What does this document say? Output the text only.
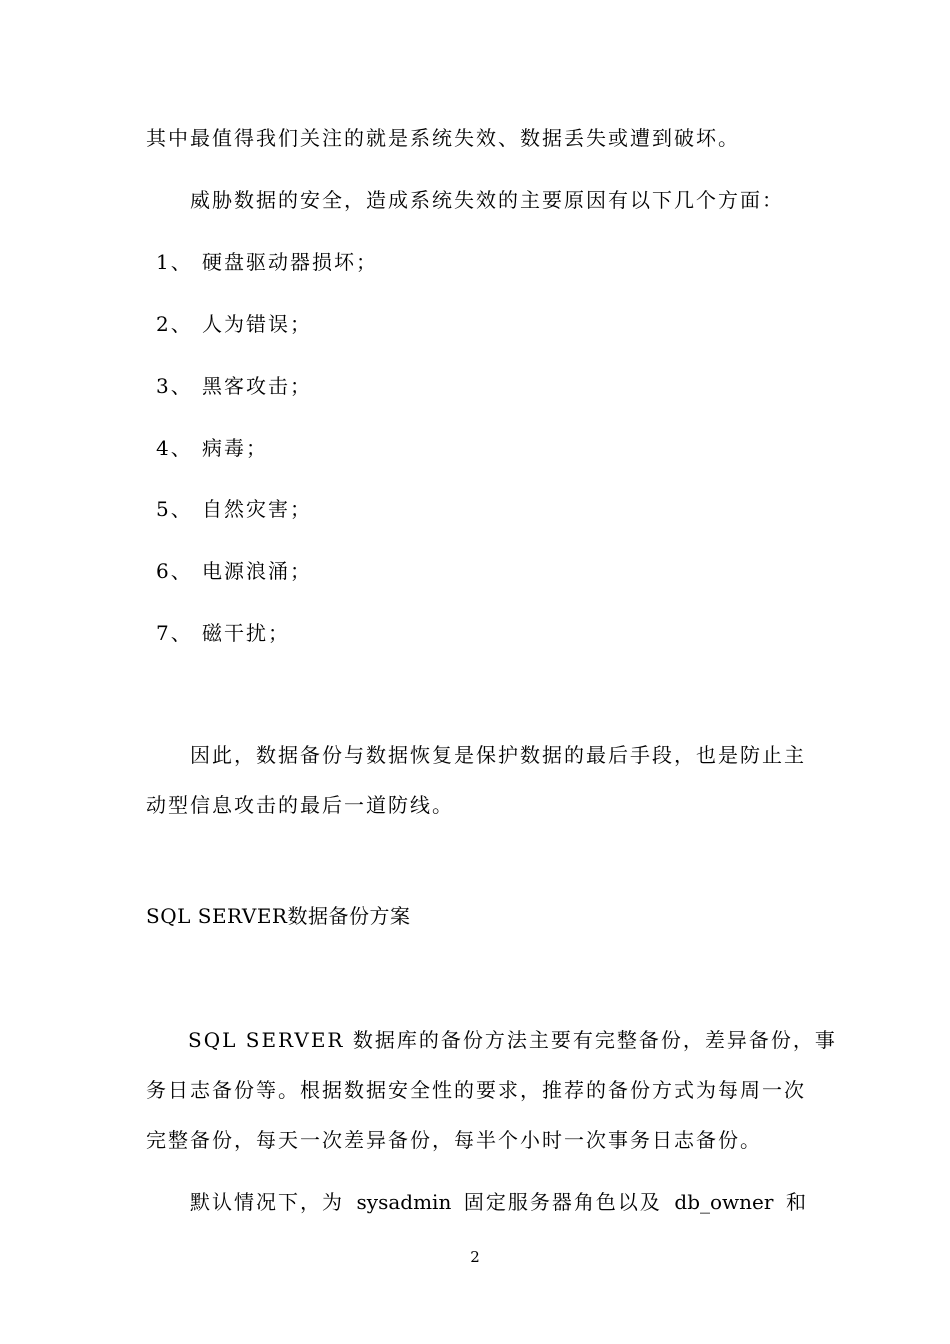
其中最值得我们关注的就是系统失效、数据丢失或遭到破坏。
威胁数据的安全，造成系统失效的主要原因有以下几个方面：
1、 硬盘驱动器损坏；
2、 人为错误；
3、 黑客攻击；
4、 病毒；
5、 自然灾害；
6、 电源浪涌；
7、 磁干扰；
因此，数据备份与数据恢复是保护数据的最后手段，也是防止主
动型信息攻击的最后一道防线。
SQL SERVER数据备份方案
SQL SERVER 数据库的备份方法主要有完整备份，差异备份， 事
务日志备份等。根据数据安全性的要求，推荐的备份方式为每周一次
完整备份，每天一次差异备份，每半个小时一次事务日志备份。
默认情况下，为 sysadmin 固定服务器角色以及 db_owner 和
2
